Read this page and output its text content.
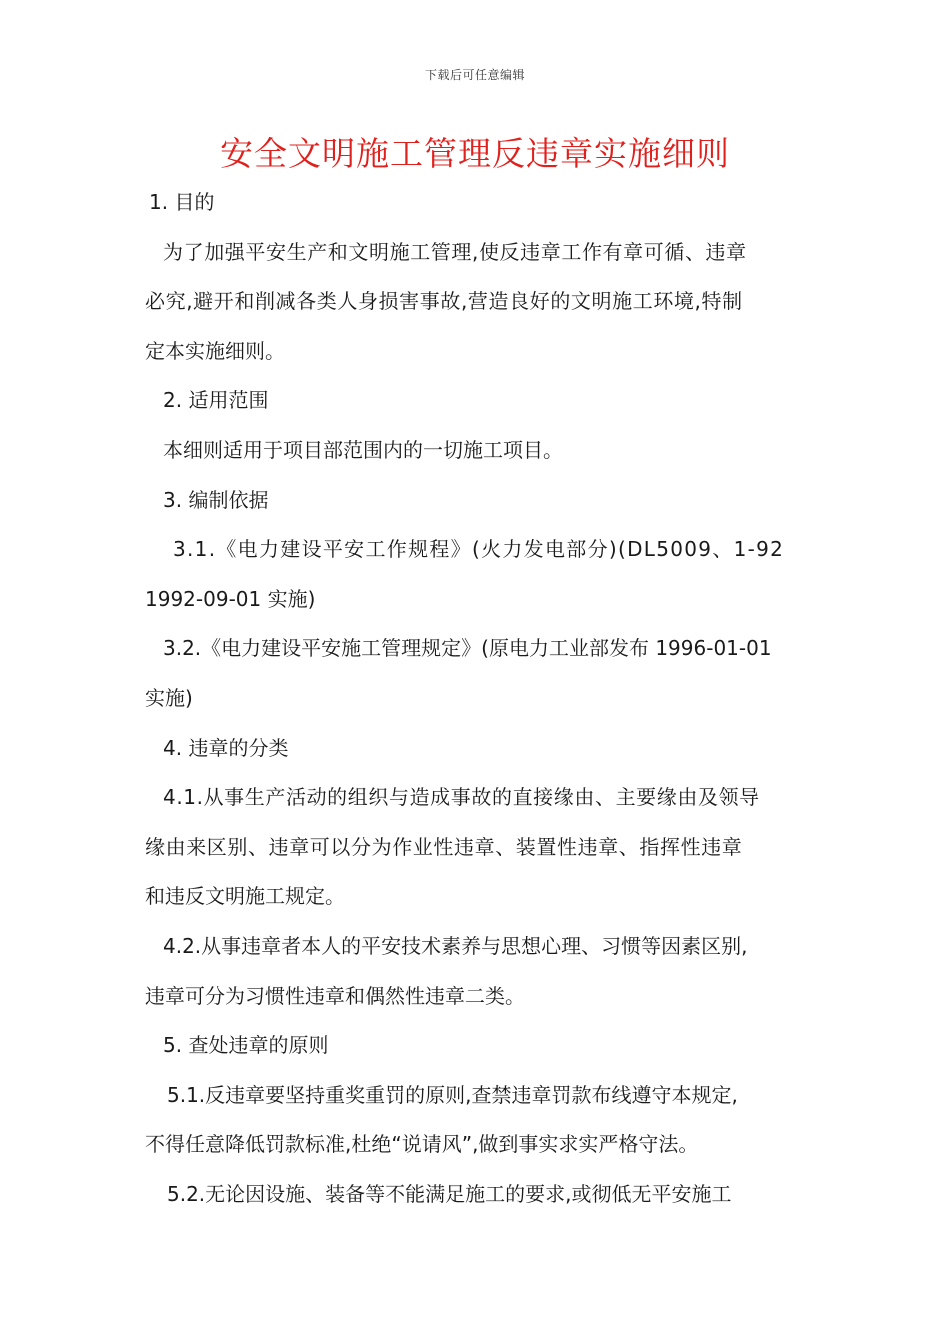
下载后可任意编辑
安全文明施工管理反违章实施细则
1. 目的
为了加强平安生产和文明施工管理,使反违章工作有章可循、违章
必究,避开和削减各类人身损害事故,营造良好的文明施工环境,特制
定本实施细则。
2. 适用范围
本细则适用于项目部范围内的一切施工项目。
3. 编制依据
3.1.《电力建设平安工作规程》(火力发电部分)(DL5009、1-92
1992-09-01 实施)
3.2.《电力建设平安施工管理规定》(原电力工业部发布 1996-01-01
实施)
4. 违章的分类
4.1.从事生产活动的组织与造成事故的直接缘由、主要缘由及领导
缘由来区别、违章可以分为作业性违章、装置性违章、指挥性违章
和违反文明施工规定。
4.2.从事违章者本人的平安技术素养与思想心理、习惯等因素区别,
违章可分为习惯性违章和偶然性违章二类。
5. 查处违章的原则
5.1.反违章要坚持重奖重罚的原则,查禁违章罚款布线遵守本规定,
不得任意降低罚款标准,杜绝“说请风”,做到事实求实严格守法。
5.2.无论因设施、装备等不能满足施工的要求,或彻低无平安施工
